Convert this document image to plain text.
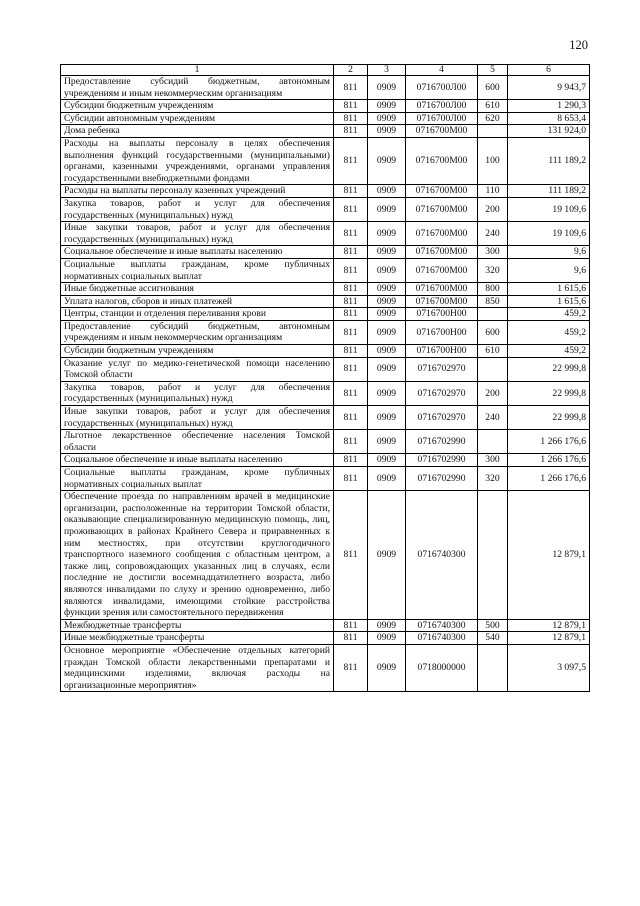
120
1	2	3	4	5	6
Предоставление субсидий бюджетным, автономным учреждениям и иным некоммерческим организациям	811	0909	0716700Л00	600	9 943,7
Субсидии бюджетным учреждениям	811	0909	0716700Л00	610	1 290,3
Субсидии автономным учреждениям	811	0909	0716700Л00	620	8 653,4
Дома ребенка	811	0909	0716700М00		131 924,0
Расходы на выплаты персоналу в целях обеспечения выполнения функций государственными (муниципальными) органами, казенными учреждениями, органами управления государственными внебюджетными фондами	811	0909	0716700М00	100	111 189,2
Расходы на выплаты персоналу казенных учреждений	811	0909	0716700М00	110	111 189,2
Закупка товаров, работ и услуг для обеспечения государственных (муниципальных) нужд	811	0909	0716700М00	200	19 109,6
Иные закупки товаров, работ и услуг для обеспечения государственных (муниципальных) нужд	811	0909	0716700М00	240	19 109,6
Социальное обеспечение и иные выплаты населению	811	0909	0716700М00	300	9,6
Социальные выплаты гражданам, кроме публичных нормативных социальных выплат	811	0909	0716700М00	320	9,6
Иные бюджетные ассигнования	811	0909	0716700М00	800	1 615,6
Уплата налогов, сборов и иных платежей	811	0909	0716700М00	850	1 615,6
Центры, станции и отделения переливания крови	811	0909	0716700Н00		459,2
Предоставление субсидий бюджетным, автономным учреждениям и иным некоммерческим организациям	811	0909	0716700Н00	600	459,2
Субсидии бюджетным учреждениям	811	0909	0716700Н00	610	459,2
Оказание услуг по медико-генетической помощи населению Томской области	811	0909	0716702970		22 999,8
Закупка товаров, работ и услуг для обеспечения государственных (муниципальных) нужд	811	0909	0716702970	200	22 999,8
Иные закупки товаров, работ и услуг для обеспечения государственных (муниципальных) нужд	811	0909	0716702970	240	22 999,8
Льготное лекарственное обеспечение населения Томской области	811	0909	0716702990		1 266 176,6
Социальное обеспечение и иные выплаты населению	811	0909	0716702990	300	1 266 176,6
Социальные выплаты гражданам, кроме публичных нормативных социальных выплат	811	0909	0716702990	320	1 266 176,6
Обеспечение проезда по направлениям врачей в медицинские организации, расположенные на территории Томской области, оказывающие специализированную медицинскую помощь, лиц, проживающих в районах Крайнего Севера и приравненных к ним местностях, при отсутствии круглогодичного транспортного наземного сообщения с областным центром, а также лиц, сопровождающих указанных лиц в случаях, если последние не достигли восемнадцатилетнего возраста, либо являются инвалидами по слуху и зрению одновременно, либо являются инвалидами, имеющими стойкие расстройства функции зрения или самостоятельного передвижения	811	0909	0716740300		12 879,1
Межбюджетные трансферты	811	0909	0716740300	500	12 879,1
Иные межбюджетные трансферты	811	0909	0716740300	540	12 879,1
Основное мероприятие «Обеспечение отдельных категорий граждан Томской области лекарственными препаратами и медицинскими изделиями, включая расходы на организационные мероприятия»	811	0909	0718000000		3 097,5
